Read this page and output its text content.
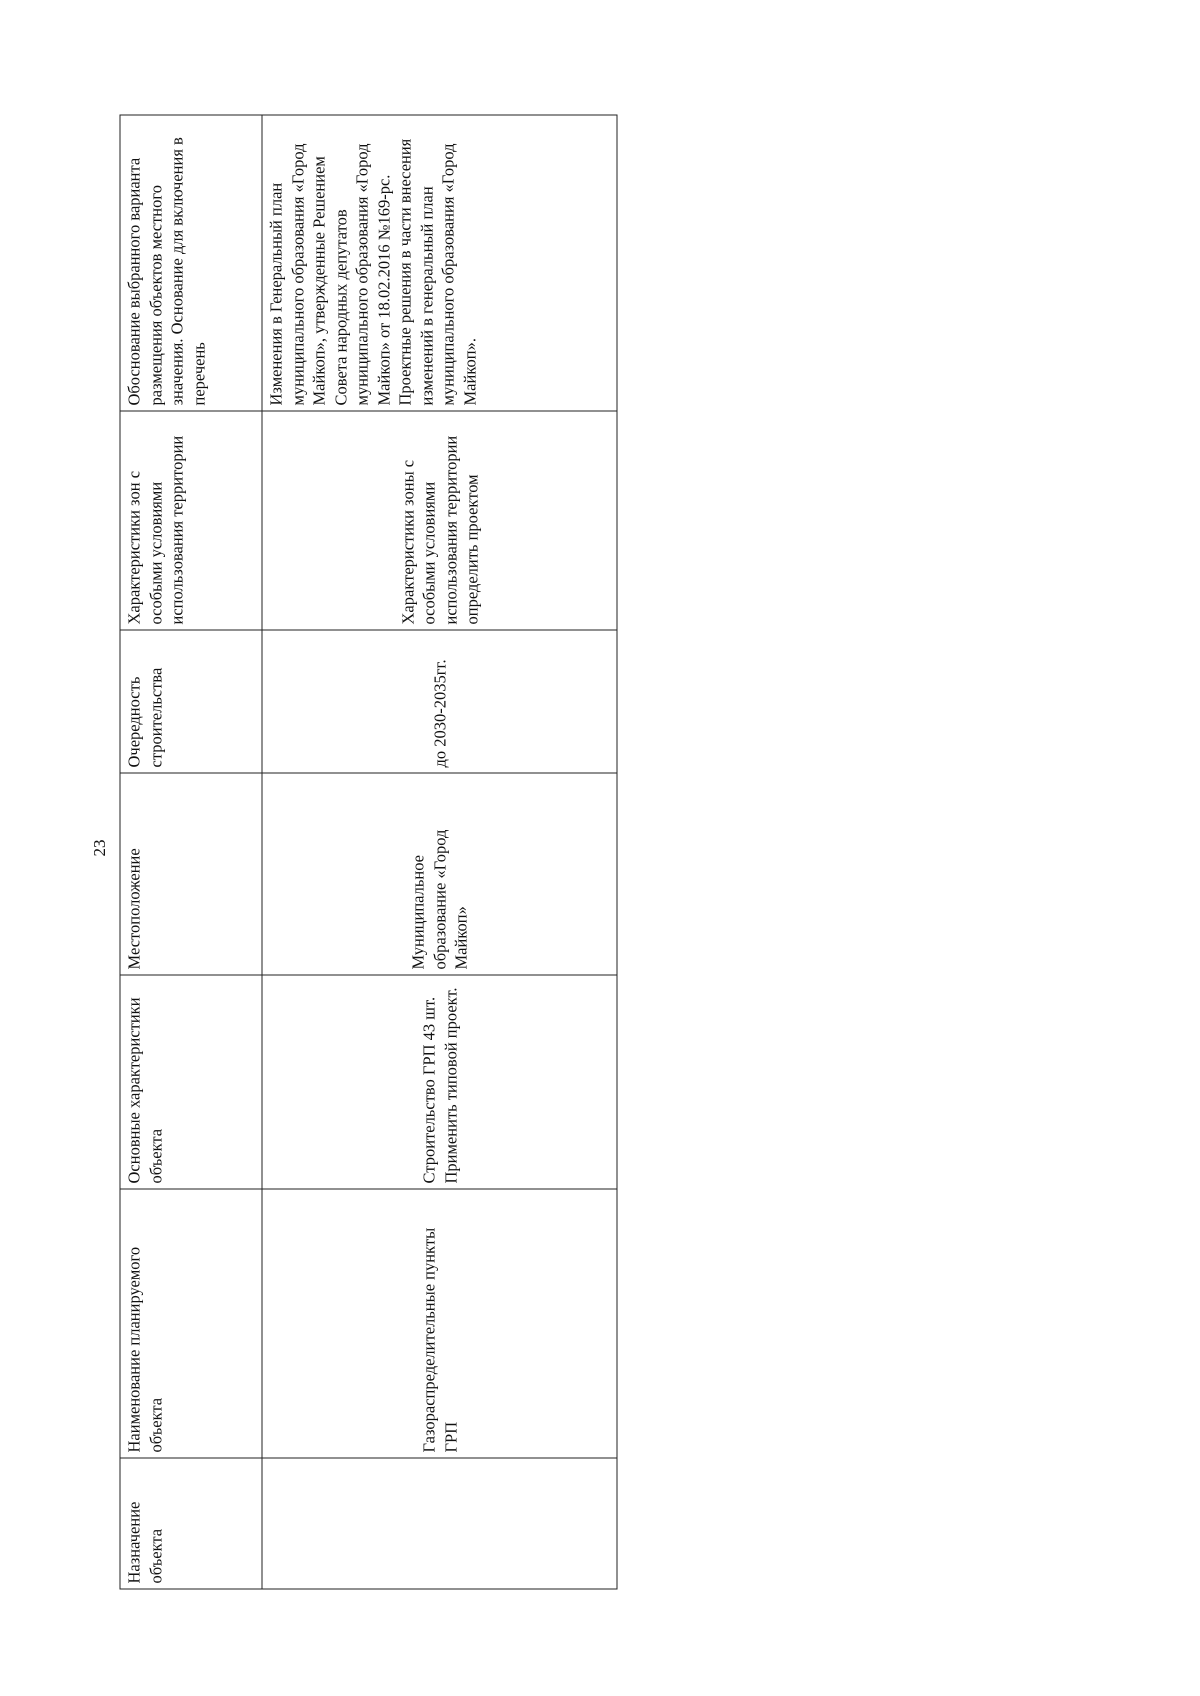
23
Назначение объекта	Наименование планируемого объекта	Основные характеристики объекта	Местоположение	Очередность строительства	Характеристики зон с особыми условиями использования территории	Обоснование выбранного варианта размещения объектов местного значения. Основание для включения в перечень

	Газораспределительные пункты ГРП	Строительство ГРП 43 шт. Применить типовой проект.	Муниципальное образование «Город Майкоп»	до 2030-2035гг.	Характеристики зоны с особыми условиями использования территории определить проектом	Изменения в Генеральный план муниципального образования «Город Майкоп», утвержденные Решением Совета народных депутатов муниципального образования «Город Майкоп» от 18.02.2016 №169-рс. Проектные решения в части внесения изменений в генеральный план муниципального образования «Город Майкоп».
